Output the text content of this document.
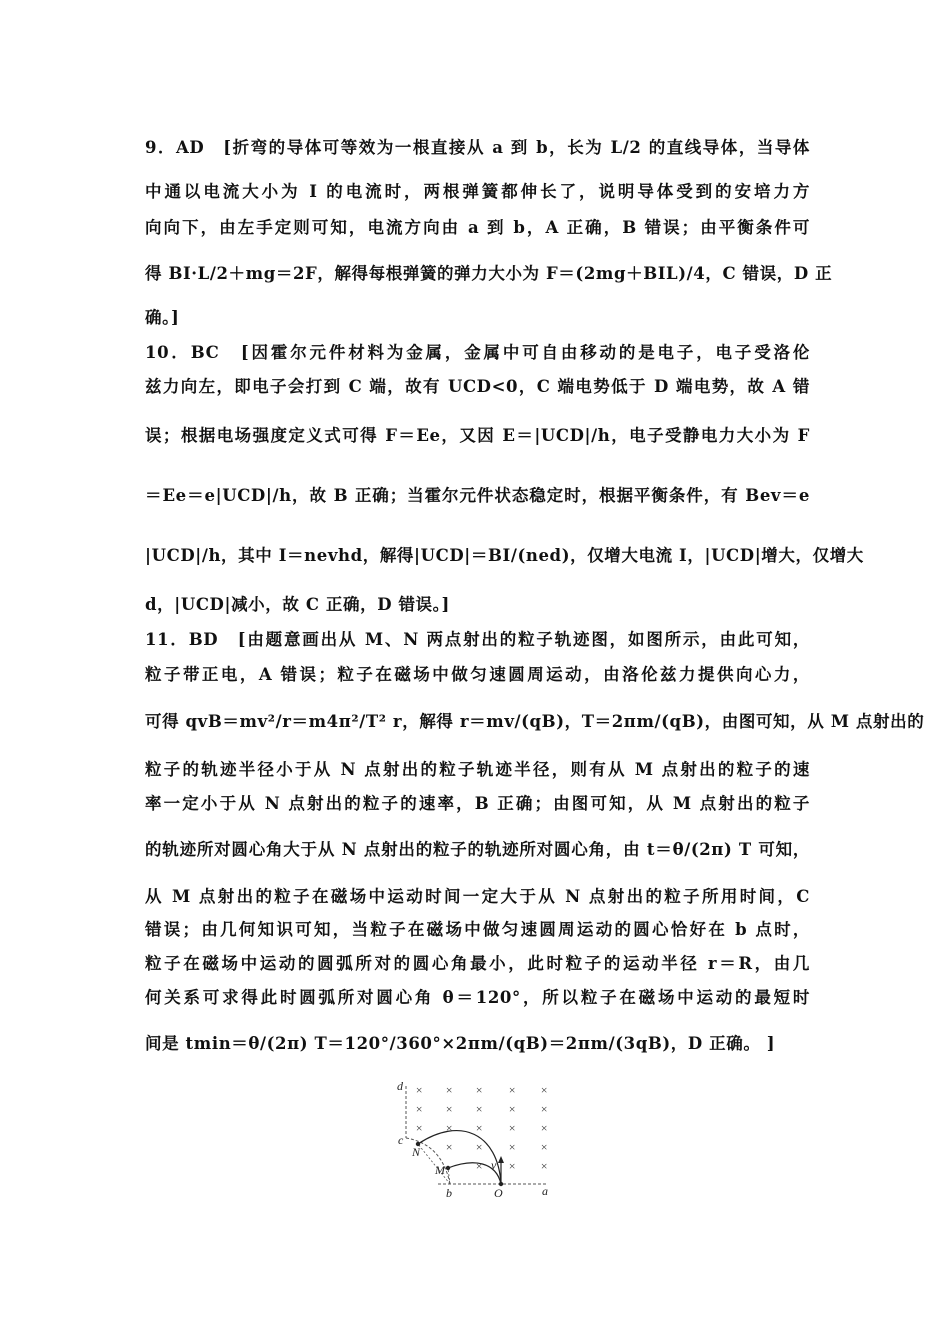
9．AD　[折弯的导体可等效为一根直接从 a 到 b，长为 L/2 的直线导体，当导体
中通以电流大小为 I 的电流时，两根弹簧都伸长了，说明导体受到的安培力方
向向下，由左手定则可知，电流方向由 a 到 b，A 正确，B 错误；由平衡条件可
得 BI·L/2＋mg＝2F，解得每根弹簧的弹力大小为 F＝(2mg＋BIL)/4，C 错误，D 正
确。]
10．BC　[因霍尔元件材料为金属，金属中可自由移动的是电子，电子受洛伦
兹力向左，即电子会打到 C 端，故有 UCD<0，C 端电势低于 D 端电势，故 A 错
误；根据电场强度定义式可得 F＝Ee，又因 E＝|UCD|/h，电子受静电力大小为 F
＝Ee＝e|UCD|/h，故 B 正确；当霍尔元件状态稳定时，根据平衡条件，有 Bev＝e
|UCD|/h，其中 I＝nevhd，解得|UCD|＝BI/(ned)，仅增大电流 I，|UCD|增大，仅增大
d，|UCD|减小，故 C 正确，D 错误。]
11．BD　[由题意画出从 M、N 两点射出的粒子轨迹图，如图所示，由此可知，
粒子带正电，A 错误；粒子在磁场中做匀速圆周运动，由洛伦兹力提供向心力，
可得 qvB＝mv²/r＝m4π²/T² r，解得 r＝mv/(qB)，T＝2πm/(qB)，由图可知，从 M 点射出的
粒子的轨迹半径小于从 N 点射出的粒子轨迹半径，则有从 M 点射出的粒子的速
率一定小于从 N 点射出的粒子的速率，B 正确；由图可知，从 M 点射出的粒子
的轨迹所对圆心角大于从 N 点射出的粒子的轨迹所对圆心角，由 t＝θ/(2π) T 可知，
从 M 点射出的粒子在磁场中运动时间一定大于从 N 点射出的粒子所用时间，C
错误；由几何知识可知，当粒子在磁场中做匀速圆周运动的圆心恰好在 b 点时，
粒子在磁场中运动的圆弧所对的圆心角最小，此时粒子的运动半径 r＝R，由几
何关系可求得此时圆弧所对圆心角 θ＝120°，所以粒子在磁场中运动的最短时
间是 tmin＝θ/(2π) T＝120°/360°×2πm/(qB)＝2πm/(3qB)，D 正确。 ]
× × × × ×
× × × × ×
× × × × ×
× × × ×
× × ×
d
c
N
M
b	O	a
v
